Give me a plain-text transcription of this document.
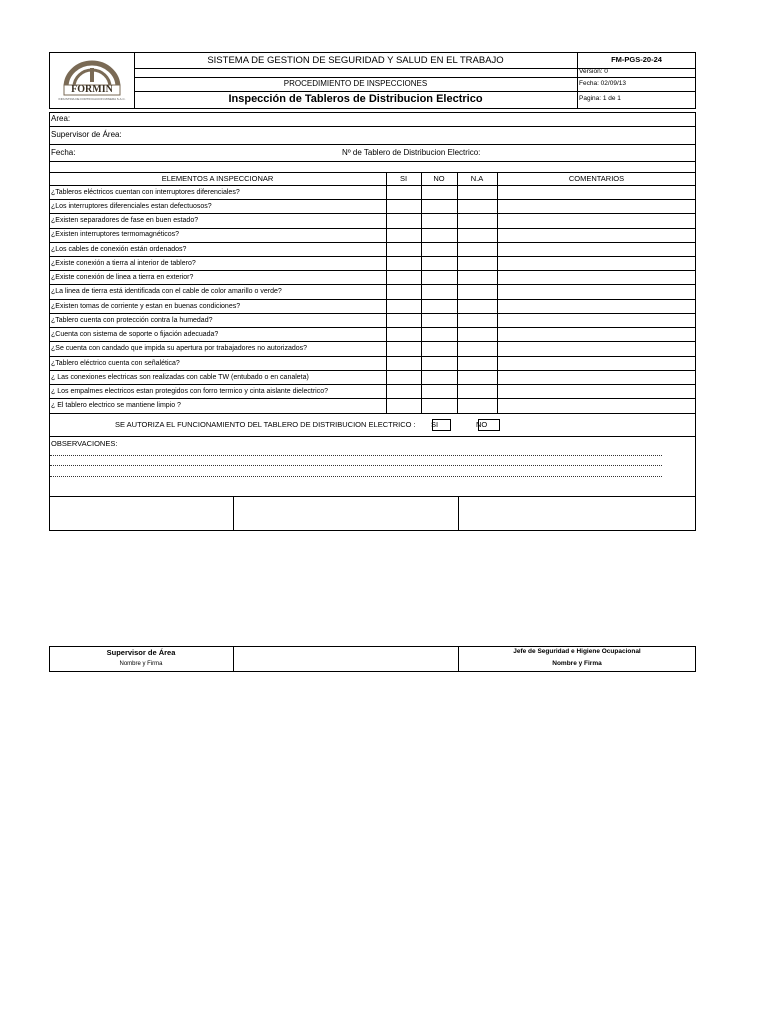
FORMIN
INDUSTRIA DE FORTIFICACION MINERA S.A.C.
SISTEMA DE GESTION DE SEGURIDAD Y SALUD EN EL TRABAJO
PROCEDIMIENTO DE INSPECCIONES
Inspección de Tableros de Distribucion Electrico
FM-PGS-20-24
Version: 0
Fecha: 02/09/13
Pagina: 1 de 1
Area:
Supervisor de Área:
Fecha:	Nº de Tablero de Distribucion Electrico:
ELEMENTOS A INSPECCIONAR	SI	NO	N.A	COMENTARIOS
¿Tableros eléctricos cuentan con interruptores diferenciales?
¿Los interruptores diferenciales estan defectuosos?
¿Existen separadores de fase en buen estado?
¿Existen interruptores termomagnéticos?
¿Los cables de conexión están ordenados?
¿Existe conexión a tierra al interior de tablero?
¿Existe conexión de linea a tierra en exterior?
¿La linea de tierra está identificada con el cable de color amarillo o verde?
¿Existen tomas de corriente y estan en buenas condiciones?
¿Tablero cuenta con protección contra la humedad?
¿Cuenta con sistema de soporte o fijación adecuada?
¿Se cuenta con candado que impida su apertura por trabajadores no autorizados?
¿Tablero eléctrico cuenta con señalética?
¿ Las conexiones electricas son realizadas con cable TW (entubado o en canaleta)
¿ Los empalmes electricos estan protegidos con forro termico y cinta aislante dielectrico?
¿ El tablero electrico se mantiene limpio ?
SE AUTORIZA EL FUNCIONAMIENTO DEL TABLERO DE DISTRIBUCION ELECTRICO : SI	NO
OBSERVACIONES:
Supervisor de Área
Nombre y Firma
Jefe de Seguridad e Higiene Ocupacional
Nombre y Firma
